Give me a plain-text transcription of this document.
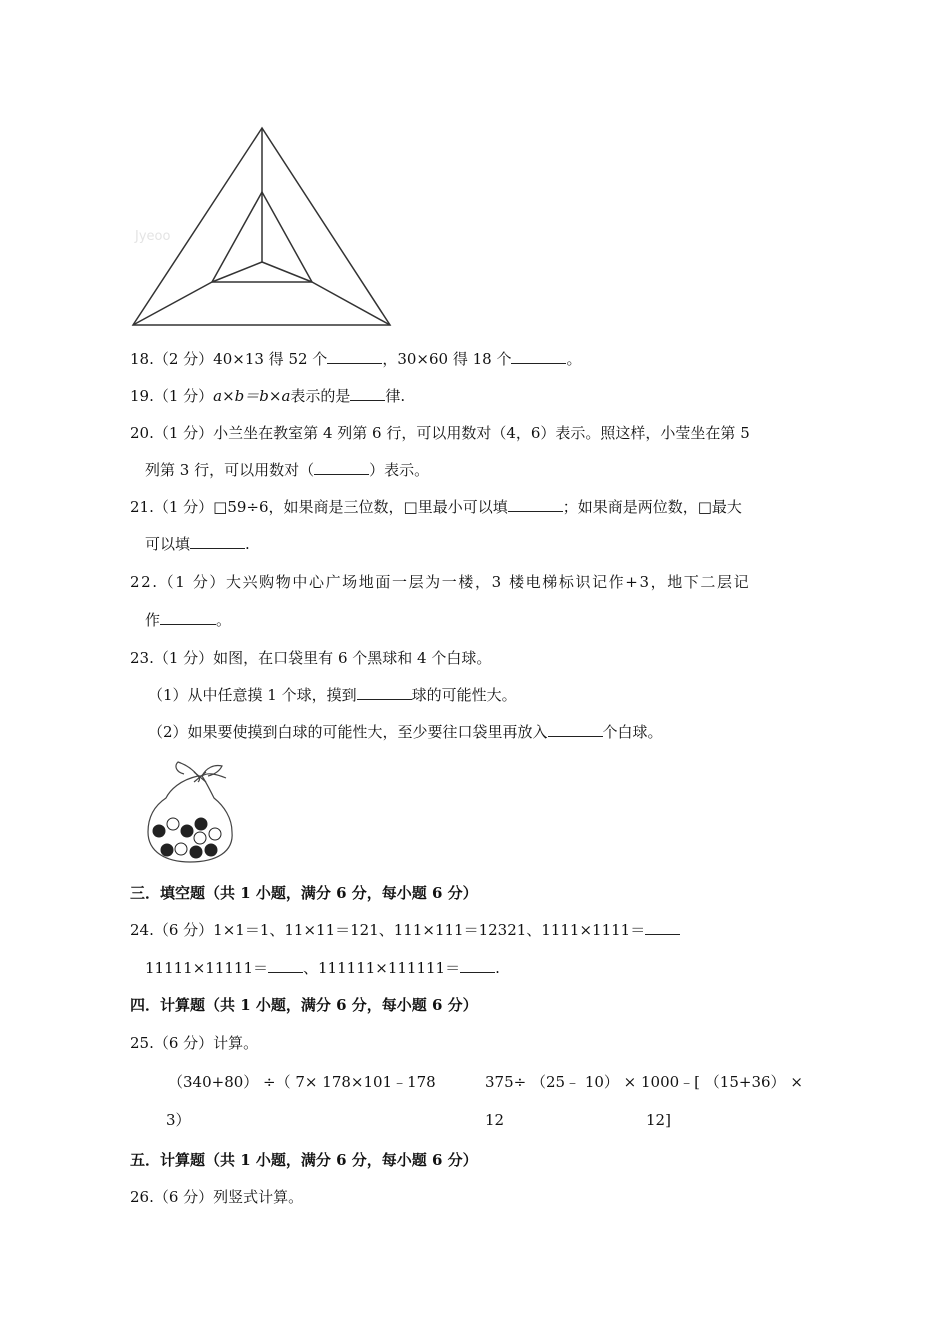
Jyeoo
18.（2 分）40×13 得 52 个	，30×60 得 18 个	。
19.（1 分）a×b＝b×a表示的是 律.
20.（1 分）小兰坐在教室第 4 列第 6 行，可以用数对（4，6）表示。照这样，小莹坐在第 5
列第 3 行，可以用数对（	）表示。
21.（1 分）□59÷6，如果商是三位数，□里最小可以填	；如果商是两位数，□最大
可以填	.
22.（1 分）大兴购物中心广场地面一层为一楼，3 楼电梯标识记作+3，地下二层记
作	。
23.（1 分）如图，在口袋里有 6 个黑球和 4 个白球。
（1）从中任意摸 1 个球，摸到	球的可能性大。
（2）如果要使摸到白球的可能性大，至少要往口袋里再放入	个白球。
三．填空题（共 1 小题，满分 6 分，每小题 6 分）
24.（6 分）1×1＝1、11×11＝121、111×111＝12321、1111×1111＝
11111×11111＝ 、111111×111111＝ .
四．计算题（共 1 小题，满分 6 分，每小题 6 分）
25.（6 分）计算。
（340+80） ÷（ 7× 178×101﹣178
3）
375÷ （25﹣ 10） × 1000﹣[ （15+36） ×
12	12]
五．计算题（共 1 小题，满分 6 分，每小题 6 分）
26.（6 分）列竖式计算。
